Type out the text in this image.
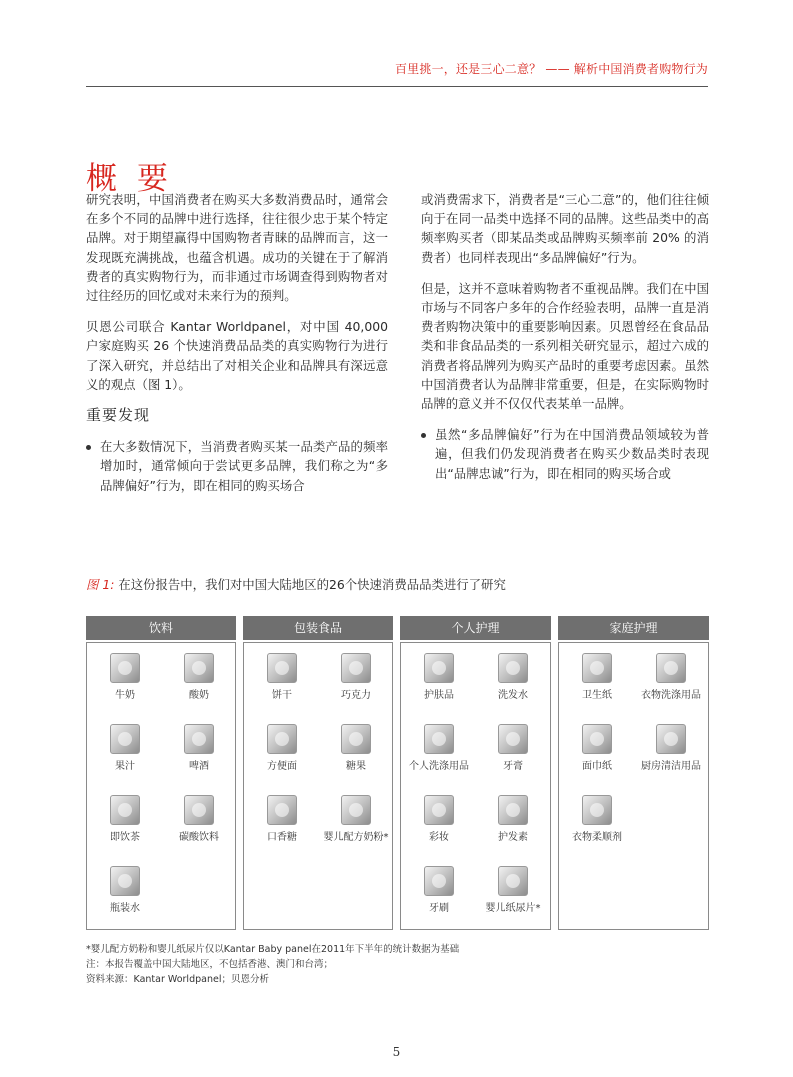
百里挑一，还是三心二意？ —— 解析中国消费者购物行为
概 要

研究表明，中国消费者在购买大多数消费品时，通常会在多个不同的品牌中进行选择，往往很少忠于某个特定品牌。对于期望赢得中国购物者青睐的品牌而言，这一发现既充满挑战，也蕴含机遇。成功的关键在于了解消费者的真实购物行为，而非通过市场调查得到购物者对过往经历的回忆或对未来行为的预判。

贝恩公司联合 Kantar Worldpanel，对中国 40,000 户家庭购买 26 个快速消费品品类的真实购物行为进行了深入研究，并总结出了对相关企业和品牌具有深远意义的观点（图 1）。

重要发现
在大多数情况下，当消费者购买某一品类产品的频率增加时，通常倾向于尝试更多品牌，我们称之为“多品牌偏好”行为，即在相同的购买场合

或消费需求下，消费者是“三心二意”的，他们往往倾向于在同一品类中选择不同的品牌。这些品类中的高频率购买者（即某品类或品牌购买频率前 20% 的消费者）也同样表现出“多品牌偏好”行为。

但是，这并不意味着购物者不重视品牌。我们在中国市场与不同客户多年的合作经验表明，品牌一直是消费者购物决策中的重要影响因素。贝恩曾经在食品品类和非食品品类的一系列相关研究显示，超过六成的消费者将品牌列为购买产品时的重要考虑因素。虽然中国消费者认为品牌非常重要，但是，在实际购物时品牌的意义并不仅仅代表某单一品牌。

虽然“多品牌偏好”行为在中国消费品领域较为普遍，但我们仍发现消费者在购买少数品类时表现出“品牌忠诚”行为，即在相同的购买场合或
图 1: 在这份报告中，我们对中国大陆地区的26个快速消费品品类进行了研究
饮料
牛奶	酸奶
果汁	啤酒
即饮茶	碳酸饮料
瓶装水
包装食品
饼干	巧克力
方便面	糖果
口香糖	婴儿配方奶粉*
个人护理
护肤品	洗发水
个人洗涤用品	牙膏
彩妆	护发素
牙刷	婴儿纸尿片*
家庭护理
卫生纸	衣物洗涤用品
面巾纸	厨房清洁用品
衣物柔顺剂
*婴儿配方奶粉和婴儿纸尿片仅以Kantar Baby panel在2011年下半年的统计数据为基础
注：本报告覆盖中国大陆地区，不包括香港、澳门和台湾；
资料来源：Kantar Worldpanel；贝恩分析
5
